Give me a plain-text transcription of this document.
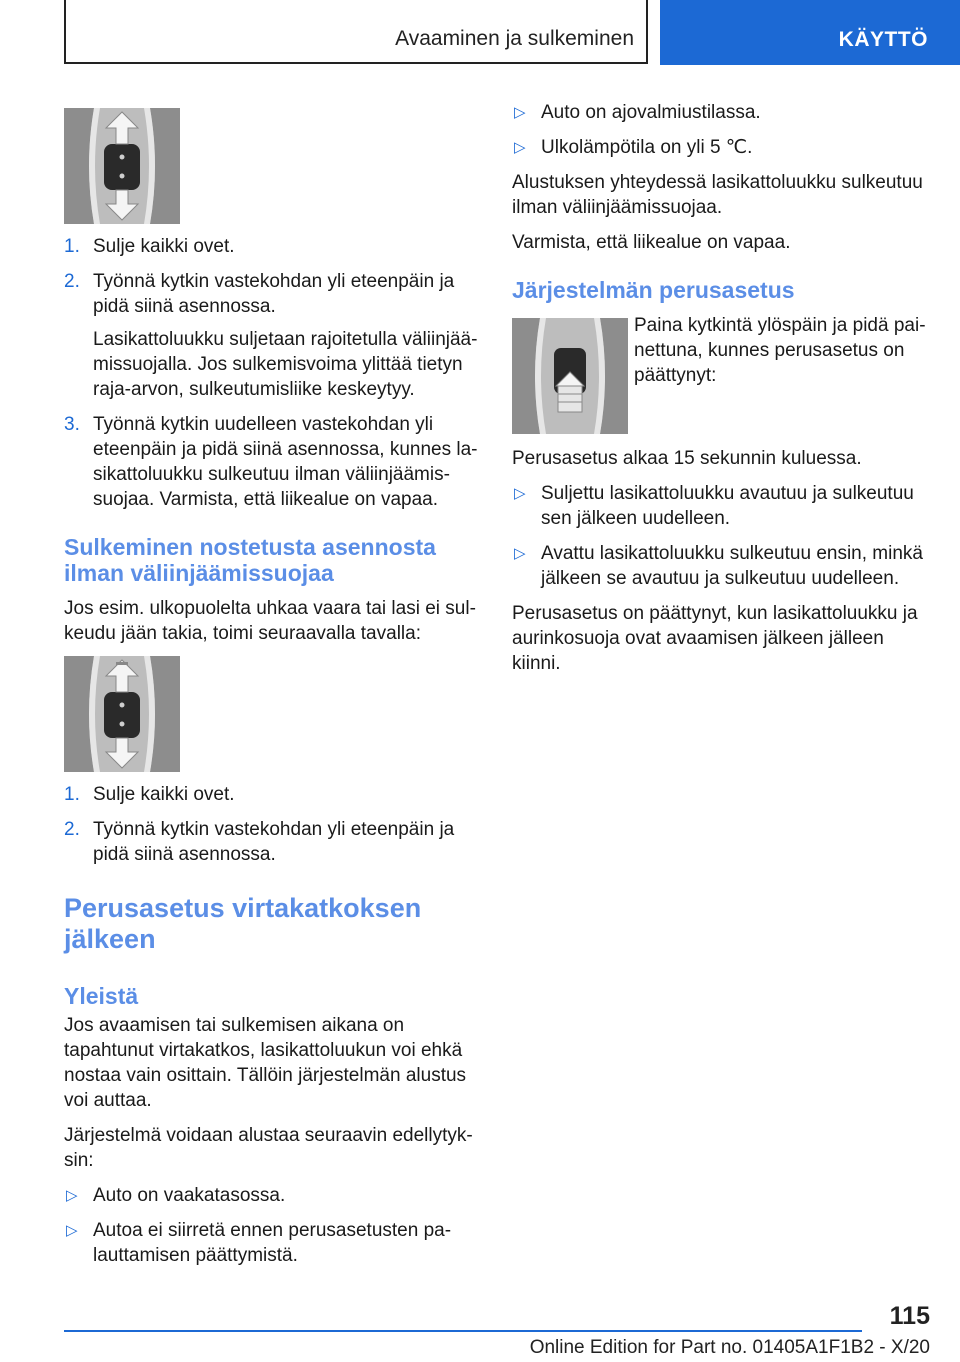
Avaaminen ja sulkeminen	KÄYTTÖ
1. Sulje kaikki ovet.
2. Työnnä kytkin vastekohdan yli eteenpäin ja pidä siinä asennossa.
Lasikattoluukku suljetaan rajoitetulla väliinjäämissuojalla. Jos sulkemisvoima ylittää tietyn raja-arvon, sulkeutumisliike keskeytyy.
3. Työnnä kytkin uudelleen vastekohdan yli eteenpäin ja pidä siinä asennossa, kunnes lasikattoluukku sulkeutuu ilman väliinjäämissuojaa. Varmista, että liikealue on vapaa.
Sulkeminen nostetusta asennosta ilman väliinjäämissuojaa

Jos esim. ulkopuolelta uhkaa vaara tai lasi ei sulkeudu jään takia, toimi seuraavalla tavalla:

1. Sulje kaikki ovet.
2. Työnnä kytkin vastekohdan yli eteenpäin ja pidä siinä asennossa.
Perusasetus virtakatkoksen jälkeen
Yleistä

Jos avaamisen tai sulkemisen aikana on tapahtunut virtakatkos, lasikattoluukun voi ehkä nostaa vain osittain. Tällöin järjestelmän alustus voi auttaa.

Järjestelmä voidaan alustaa seuraavin edellytyksin:

▷ Auto on vaakatasossa.
▷ Autoa ei siirretä ennen perusasetusten palauttamisen päättymistä.
▷ Auto on ajovalmiustilassa.
▷ Ulkolämpötila on yli 5 ℃.

Alustuksen yhteydessä lasikattoluukku sulkeutuu ilman väliinjäämissuojaa.

Varmista, että liikealue on vapaa.

Järjestelmän perusasetus

Paina kytkintä ylöspäin ja pidä painettuna, kunnes perusasetus on päättynyt:

Perusasetus alkaa 15 sekunnin kuluessa.

▷ Suljettu lasikattoluukku avautuu ja sulkeutuu sen jälkeen uudelleen.
▷ Avattu lasikattoluukku sulkeutuu ensin, minkä jälkeen se avautuu ja sulkeutuu uudelleen.

Perusasetus on päättynyt, kun lasikattoluukku ja aurinkosuoja ovat avaamisen jälkeen jälleen kiinni.

115
Online Edition for Part no. 01405A1F1B2 - X/20
